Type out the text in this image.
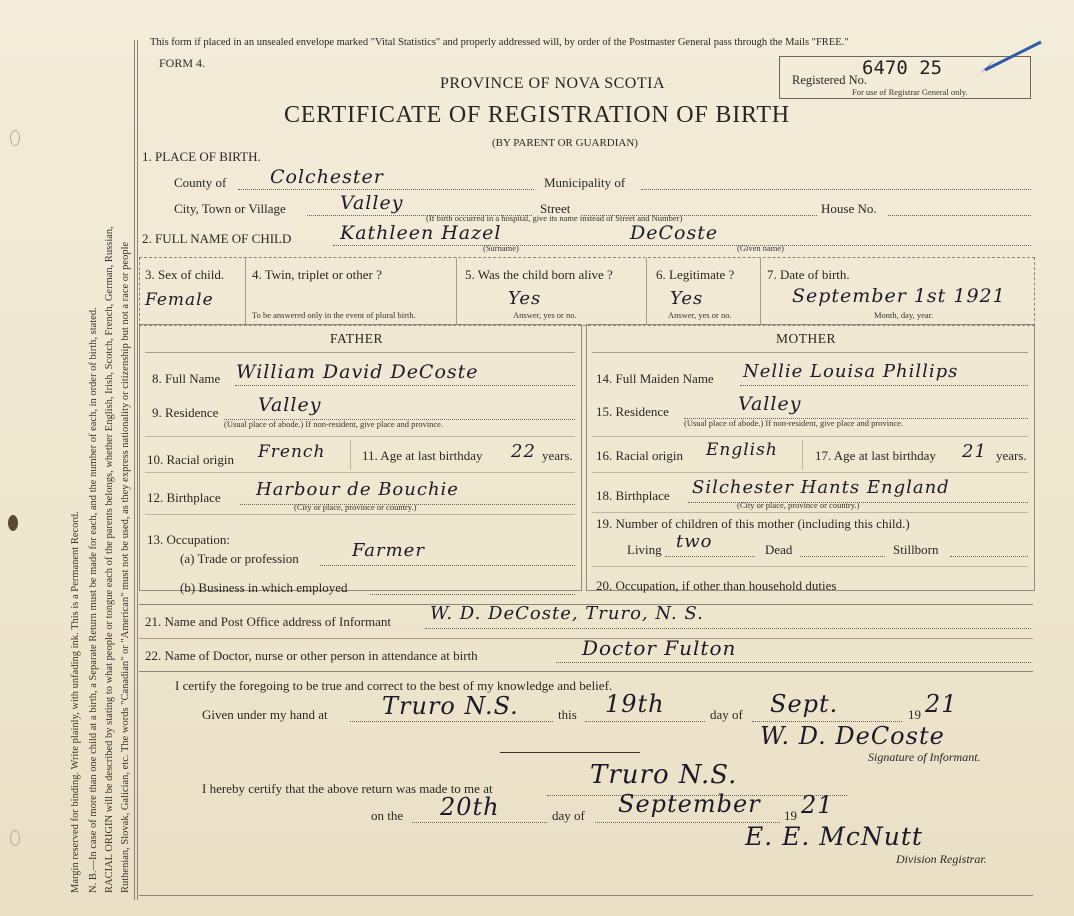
Margin reserved for binding. Write plainly, with unfading ink. This is a Permanent Record. N. B.—In case of more than one child at a birth, a Separate Return must be made for each, and the number of each, in order of birth, stated. RACIAL ORIGIN will be described by stating to what people or tongue each of the parents belongs, whether English, Irish, Scotch, French, German, Russian, Ruthenian, Slovak, Galician, etc. The words "Canadian" or "American" must not be used, as they express nationality or citizenship but not a race or people
This form if placed in an unsealed envelope marked "Vital Statistics" and properly addressed will, by order of the Postmaster General pass through the Mails "FREE."
FORM 4.
PROVINCE OF NOVA SCOTIA
CERTIFICATE OF REGISTRATION OF BIRTH
(BY PARENT OR GUARDIAN)
Registered No.
6470 25
For use of Registrar General only.
1. PLACE OF BIRTH.
County of Colchester	Municipality of
City, Town or Village	Valley	Street	House No.
(If birth occurred in a hospital, give its name instead of Street and Number)
2. FULL NAME OF CHILD	Kathleen Hazel	DeCoste
(Surname)	(Given name)
3. Sex of child.
Female
4. Twin, triplet or other ?
To be answered only in the event of plural birth.
5. Was the child born alive ?
Yes
Answer, yes or no.
6. Legitimate ?
Yes
Answer, yes or no.
7. Date of birth.
September 1st 1921
Month, day, year.
FATHER	MOTHER
8. Full Name William David DeCoste
9. Residence Valley
(Usual place of abode.) If non-resident, give place and province.
10. Racial origin French	11. Age at last birthday 22 years.
12. Birthplace Harbour de Bouchie
(City or place, province or country.)
13. Occupation:
(a) Trade or profession	Farmer
(b) Business in which employed
14. Full Maiden Name Nellie Louisa Phillips
15. Residence	Valley
(Usual place of abode.) If non-resident, give place and province.
16. Racial origin English	17. Age at last birthday 21 years.
18. Birthplace Silchester Hants England
(City or place, province or country.)
19. Number of children of this mother (including this child.)
Living two	Dead	Stillborn
20. Occupation, if other than household duties
21. Name and Post Office address of Informant W. D. DeCoste, Truro, N. S.
22. Name of Doctor, nurse or other person in attendance at birth	Doctor Fulton
I certify the foregoing to be true and correct to the best of my knowledge and belief.
Given under my hand at Truro N.S.	this 19th	day of Sept.	19 21
W. D. DeCoste
Signature of Informant.
I hereby certify that the above return was made to me at	Truro N.S.
on the 20th	day of September 19 21
E. E. McNutt
Division Registrar.
